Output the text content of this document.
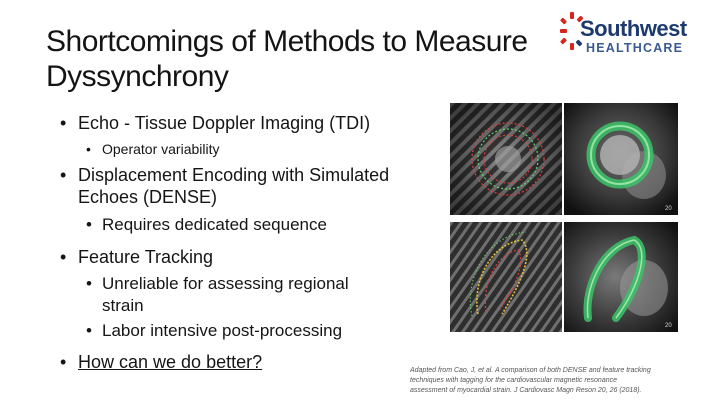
Shortcomings of Methods to Measure
Dyssynchrony
Southwest
HEALTHCARE
• Echo - Tissue Doppler Imaging (TDI)
• Operator variability
• Displacement Encoding with Simulated
Echoes (DENSE)
• Requires dedicated sequence
• Feature Tracking
• Unreliable for assessing regional
strain
• Labor intensive post-processing
• How can we do better?
20
20
Adapted from Cao, J, et al. A comparison of both DENSE and feature tracking
techniques with tagging for the cardiovascular magnetic resonance
assessment of myocardial strain. J Cardiovasc Magn Reson 20, 26 (2018).
